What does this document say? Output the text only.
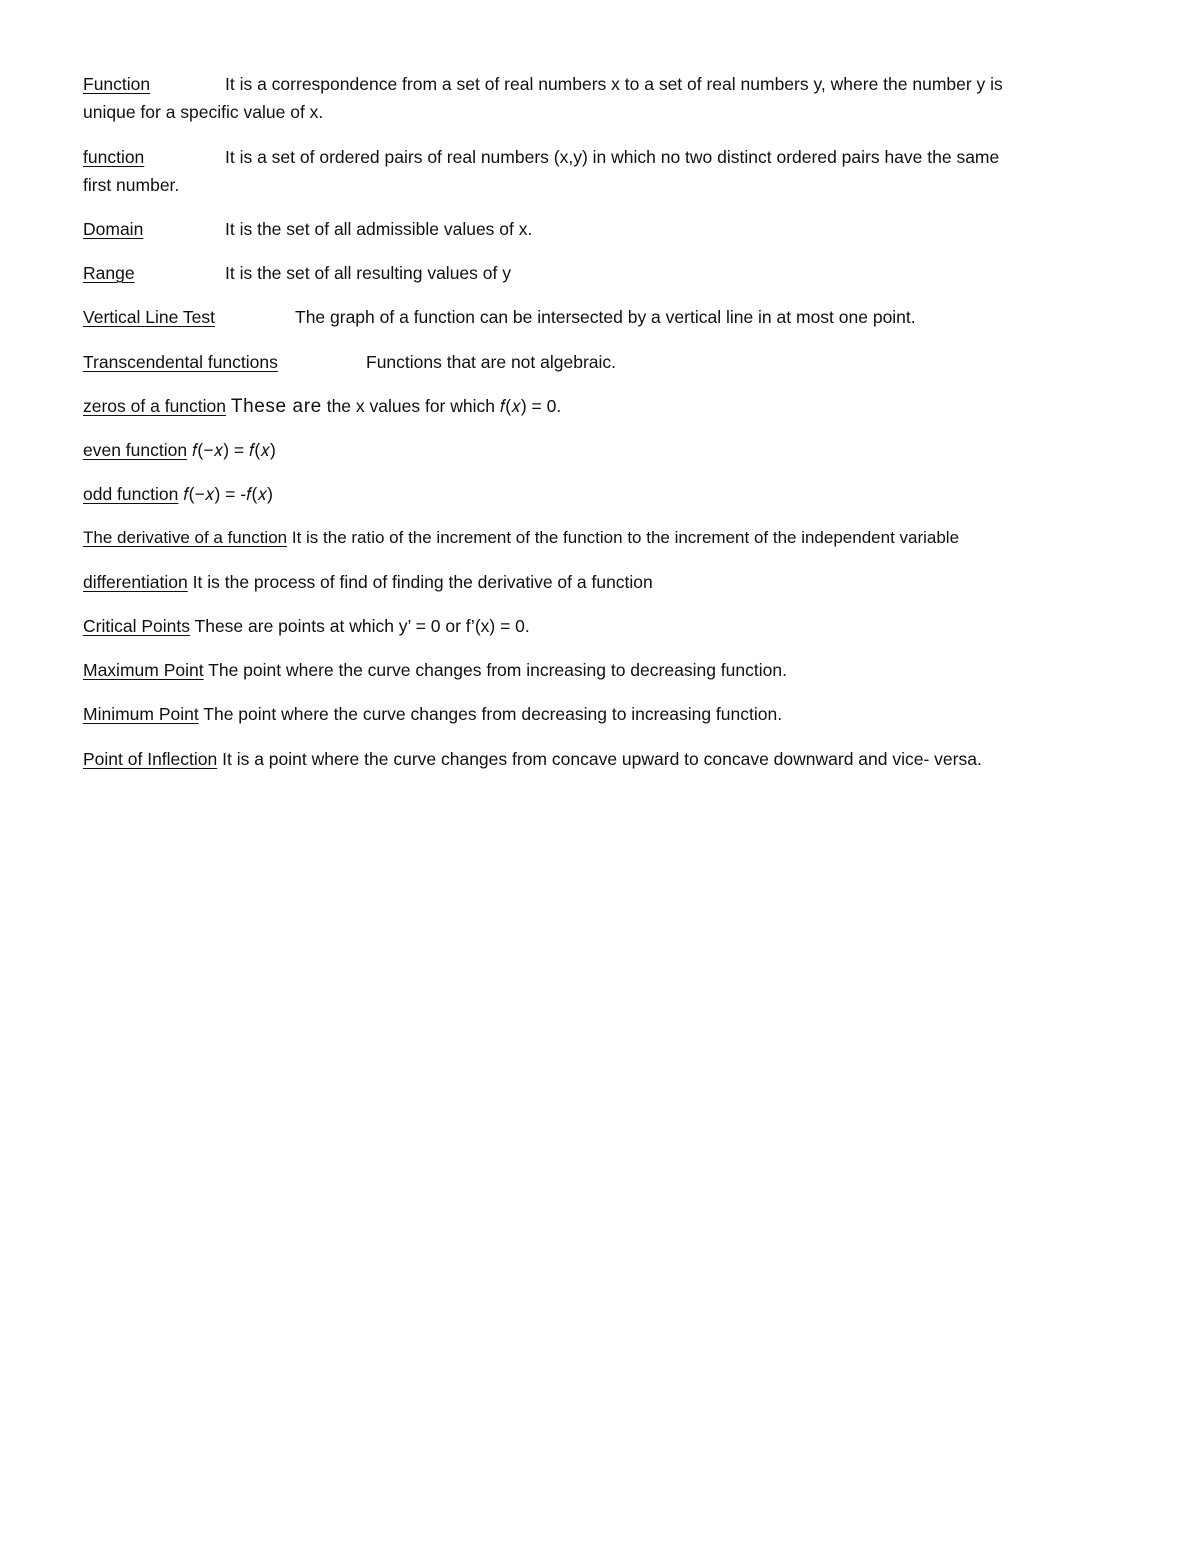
Function	It is a correspondence from a set of real numbers x to a set of real numbers y, where the number y is
unique for a specific value of x.
function	It is a set of ordered pairs of real numbers (x,y) in which no two distinct ordered pairs have the same
first number.
Domain	It is the set of all admissible values of x.
Range	It is the set of all resulting values of y
Vertical Line Test	The graph of a function can be intersected by a vertical line in at most one point.
Transcendental functions	Functions that are not algebraic.
zeros of a function These are the x values for which 𝑓(𝑥) = 0.
even function 𝑓(−𝑥) = 𝑓(𝑥)
odd function 𝑓(−𝑥) = -𝑓(𝑥)
The derivative of a function It is the ratio of the increment of the function to the increment of the independent variable
differentiation It is the process of find of finding the derivative of a function
Critical Points These are points at which y’ = 0 or f’(x) = 0.
Maximum Point The point where the curve changes from increasing to decreasing function.
Minimum Point The point where the curve changes from decreasing to increasing function.
Point of Inflection It is a point where the curve changes from concave upward to concave downward and vice- versa.
